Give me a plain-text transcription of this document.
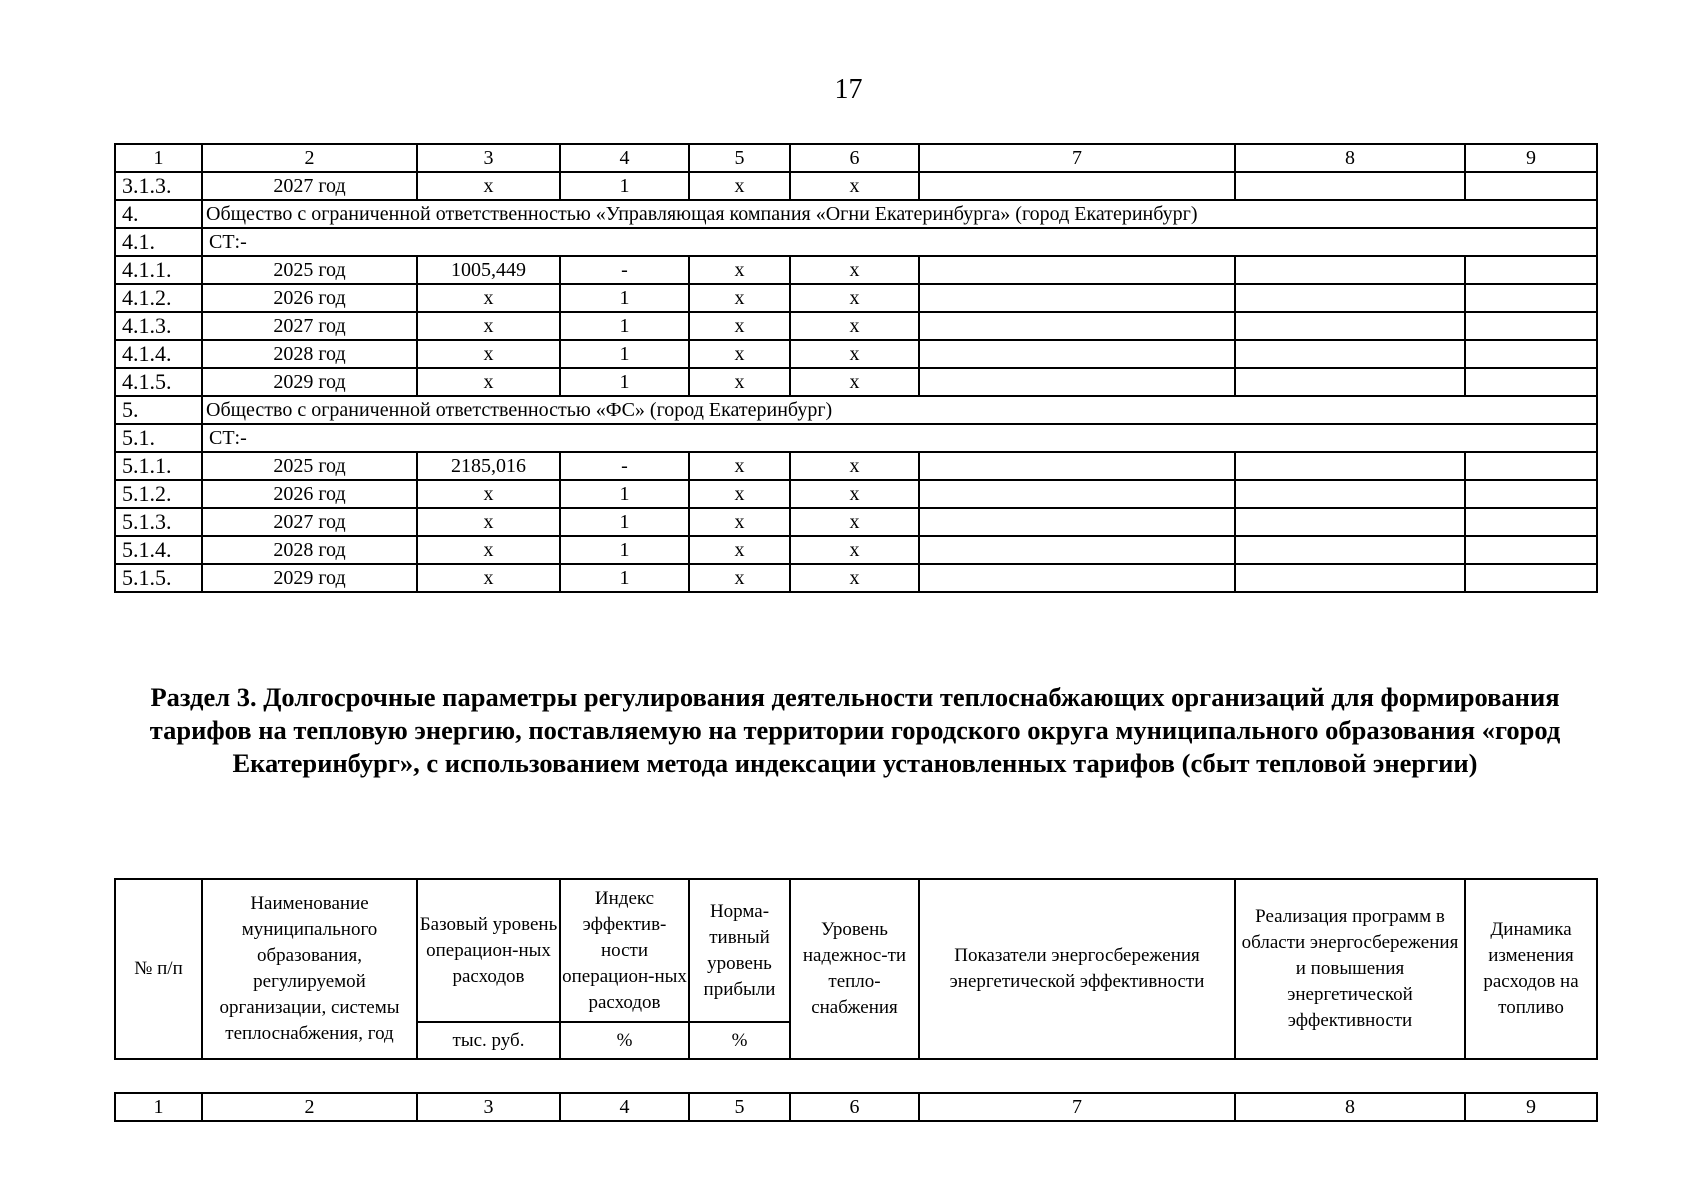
17
1	2	3	4	5	6	7	8	9
3.1.3.	2027 год	x	1	x	x			
4.	Общество с ограниченной ответственностью «Управляющая компания «Огни Екатеринбурга» (город Екатеринбург)							
4.1.	СТ:-							
4.1.1.	2025 год	1005,449	-	x	x			
4.1.2.	2026 год	x	1	x	x			
4.1.3.	2027 год	x	1	x	x			
4.1.4.	2028 год	x	1	x	x			
4.1.5.	2029 год	x	1	x	x			
5.	Общество с ограниченной ответственностью «ФС» (город Екатеринбург)							
5.1.	СТ:-							
5.1.1.	2025 год	2185,016	-	x	x			
5.1.2.	2026 год	x	1	x	x			
5.1.3.	2027 год	x	1	x	x			
5.1.4.	2028 год	x	1	x	x			
5.1.5.	2029 год	x	1	x	x			
Раздел 3. Долгосрочные параметры регулирования деятельности теплоснабжающих организаций для формирования тарифов на тепловую энергию, поставляемую на территории городского округа муниципального образования «город Екатеринбург», с использованием метода индексации установленных тарифов (сбыт тепловой энергии)
№ п/п	Наименование муниципального образования, регулируемой организации, системы теплоснабжения, год	Базовый уровень операцион-ных расходов	Индекс эффектив-ности операцион-ных расходов	Норма-тивный уровень прибыли	Уровень надежнос-ти тепло-снабжения	Показатели энергосбережения энергетической эффективности	Реализация программ в области энергосбережения и повышения энергетической эффективности	Динамика изменения расходов на топливо
		тыс. руб.	%	%				
1	2	3	4	5	6	7	8	9
